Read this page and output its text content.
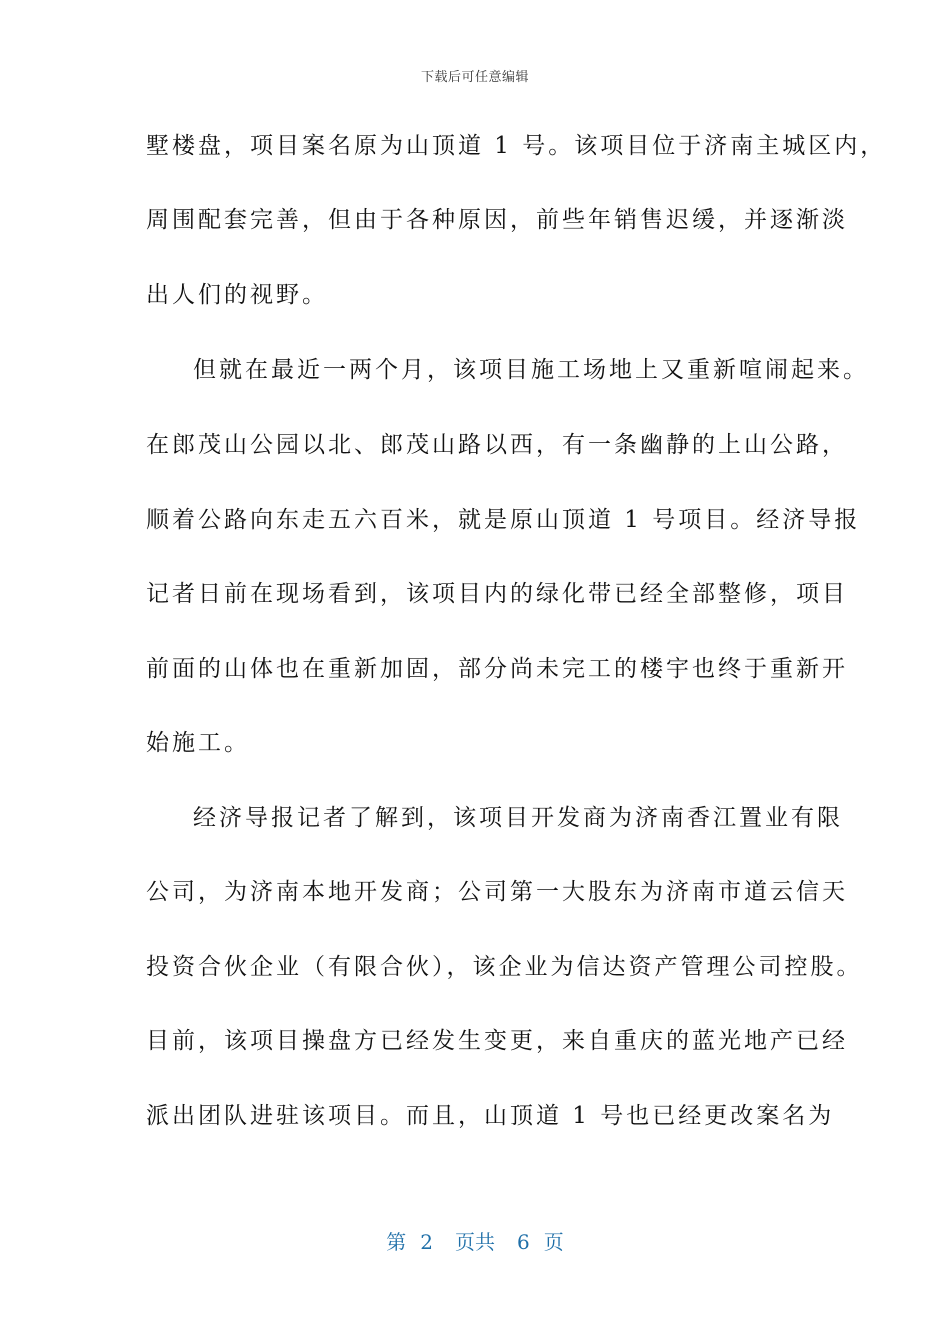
下载后可任意编辑
墅楼盘，项目案名原为山顶道 1 号。该项目位于济南主城区内，
周围配套完善，但由于各种原因，前些年销售迟缓，并逐渐淡
出人们的视野。
但就在最近一两个月，该项目施工场地上又重新喧闹起来。
在郎茂山公园以北、郎茂山路以西，有一条幽静的上山公路，
顺着公路向东走五六百米，就是原山顶道 1 号项目。经济导报
记者日前在现场看到，该项目内的绿化带已经全部整修，项目
前面的山体也在重新加固，部分尚未完工的楼宇也终于重新开
始施工。
经济导报记者了解到，该项目开发商为济南香江置业有限
公司，为济南本地开发商；公司第一大股东为济南市道云信天
投资合伙企业（有限合伙），该企业为信达资产管理公司控股。
目前，该项目操盘方已经发生变更，来自重庆的蓝光地产已经
派出团队进驻该项目。而且，山顶道 1 号也已经更改案名为
第 2 页共 6 页
